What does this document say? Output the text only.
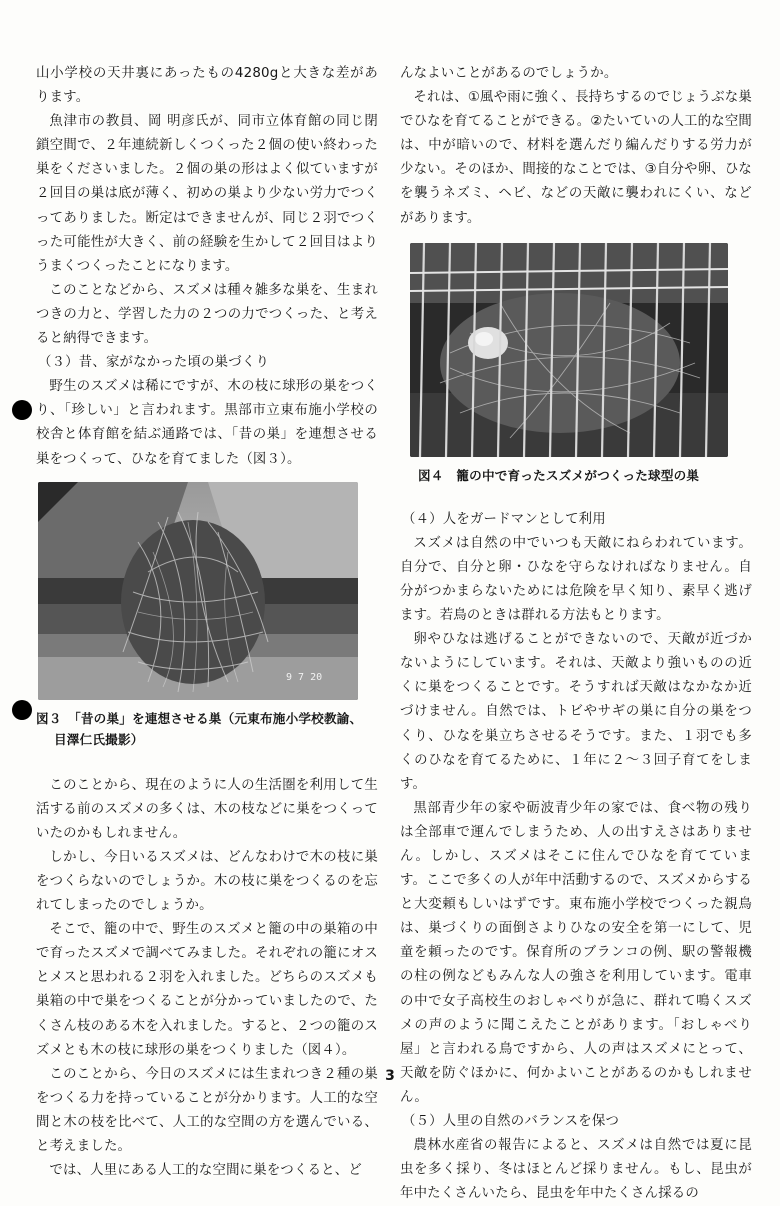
山小学校の天井裏にあったもの4280gと大きな差があります。

魚津市の教員、岡 明彦氏が、同市立体育館の同じ閉鎖空間で、２年連続新しくつくった２個の使い終わった巣をくださいました。２個の巣の形はよく似ていますが２回目の巣は底が薄く、初めの巣より少ない労力でつくってありました。断定はできませんが、同じ２羽でつくった可能性が大きく、前の経験を生かして２回目はよりうまくつくったことになります。

このことなどから、スズメは種々雑多な巣を、生まれつきの力と、学習した力の２つの力でつくった、と考えると納得できます。

（３）昔、家がなかった頃の巣づくり

野生のスズメは稀にですが、木の枝に球形の巣をつくり、「珍しい」と言われます。黒部市立東布施小学校の校舎と体育館を結ぶ通路では、「昔の巣」を連想させる巣をつくって、ひなを育てました（図３）。

9 7 20

図３　「昔の巣」を連想させる巣（元東布施小学校教諭、

目澤仁氏撮影）

このことから、現在のように人の生活圏を利用して生活する前のスズメの多くは、木の枝などに巣をつくっていたのかもしれません。

しかし、今日いるスズメは、どんなわけで木の枝に巣をつくらないのでしょうか。木の枝に巣をつくるのを忘れてしまったのでしょうか。

そこで、籠の中で、野生のスズメと籠の中の巣箱の中で育ったスズメで調べてみました。それぞれの籠にオスとメスと思われる２羽を入れました。どちらのスズメも巣箱の中で巣をつくることが分かっていましたので、たくさん枝のある木を入れました。すると、２つの籠のスズメとも木の枝に球形の巣をつくりました（図４）。

このことから、今日のスズメには生まれつき２種の巣をつくる力を持っていることが分かります。人工的な空間と木の枝を比べて、人工的な空間の方を選んでいる、と考えました。

では、人里にある人工的な空間に巣をつくると、ど

んなよいことがあるのでしょうか。

それは、①風や雨に強く、長持ちするのでじょうぶな巣でひなを育てることができる。②たいていの人工的な空間は、中が暗いので、材料を選んだり編んだりする労力が少ない。そのほか、間接的なことでは、③自分や卵、ひなを襲うネズミ、ヘビ、などの天敵に襲われにくい、などがあります。

図４　籠の中で育ったスズメがつくった球型の巣

（４）人をガードマンとして利用

スズメは自然の中でいつも天敵にねらわれています。自分で、自分と卵・ひなを守らなければなりません。自分がつかまらないためには危険を早く知り、素早く逃げます。若鳥のときは群れる方法もとります。

卵やひなは逃げることができないので、天敵が近づかないようにしています。それは、天敵より強いものの近くに巣をつくることです。そうすれば天敵はなかなか近づけません。自然では、トビやサギの巣に自分の巣をつくり、ひなを巣立ちさせるそうです。また、１羽でも多くのひなを育てるために、１年に２〜３回子育てをします。

黒部青少年の家や砺波青少年の家では、食べ物の残りは全部車で運んでしまうため、人の出すえさはありません。しかし、スズメはそこに住んでひなを育てています。ここで多くの人が年中活動するので、スズメからすると大変頼もしいはずです。東布施小学校でつくった親鳥は、巣づくりの面倒さよりひなの安全を第一にして、児童を頼ったのです。保育所のブランコの例、駅の警報機の柱の例などもみんな人の強さを利用しています。電車の中で女子高校生のおしゃべりが急に、群れて鳴くスズメの声のように聞こえたことがあります。「おしゃべり屋」と言われる鳥ですから、人の声はスズメにとって、天敵を防ぐほかに、何かよいことがあるのかもしれません。

（５）人里の自然のバランスを保つ

農林水産省の報告によると、スズメは自然では夏に昆虫を多く採り、冬はほとんど採りません。もし、昆虫が年中たくさんいたら、昆虫を年中たくさん採るの

3
